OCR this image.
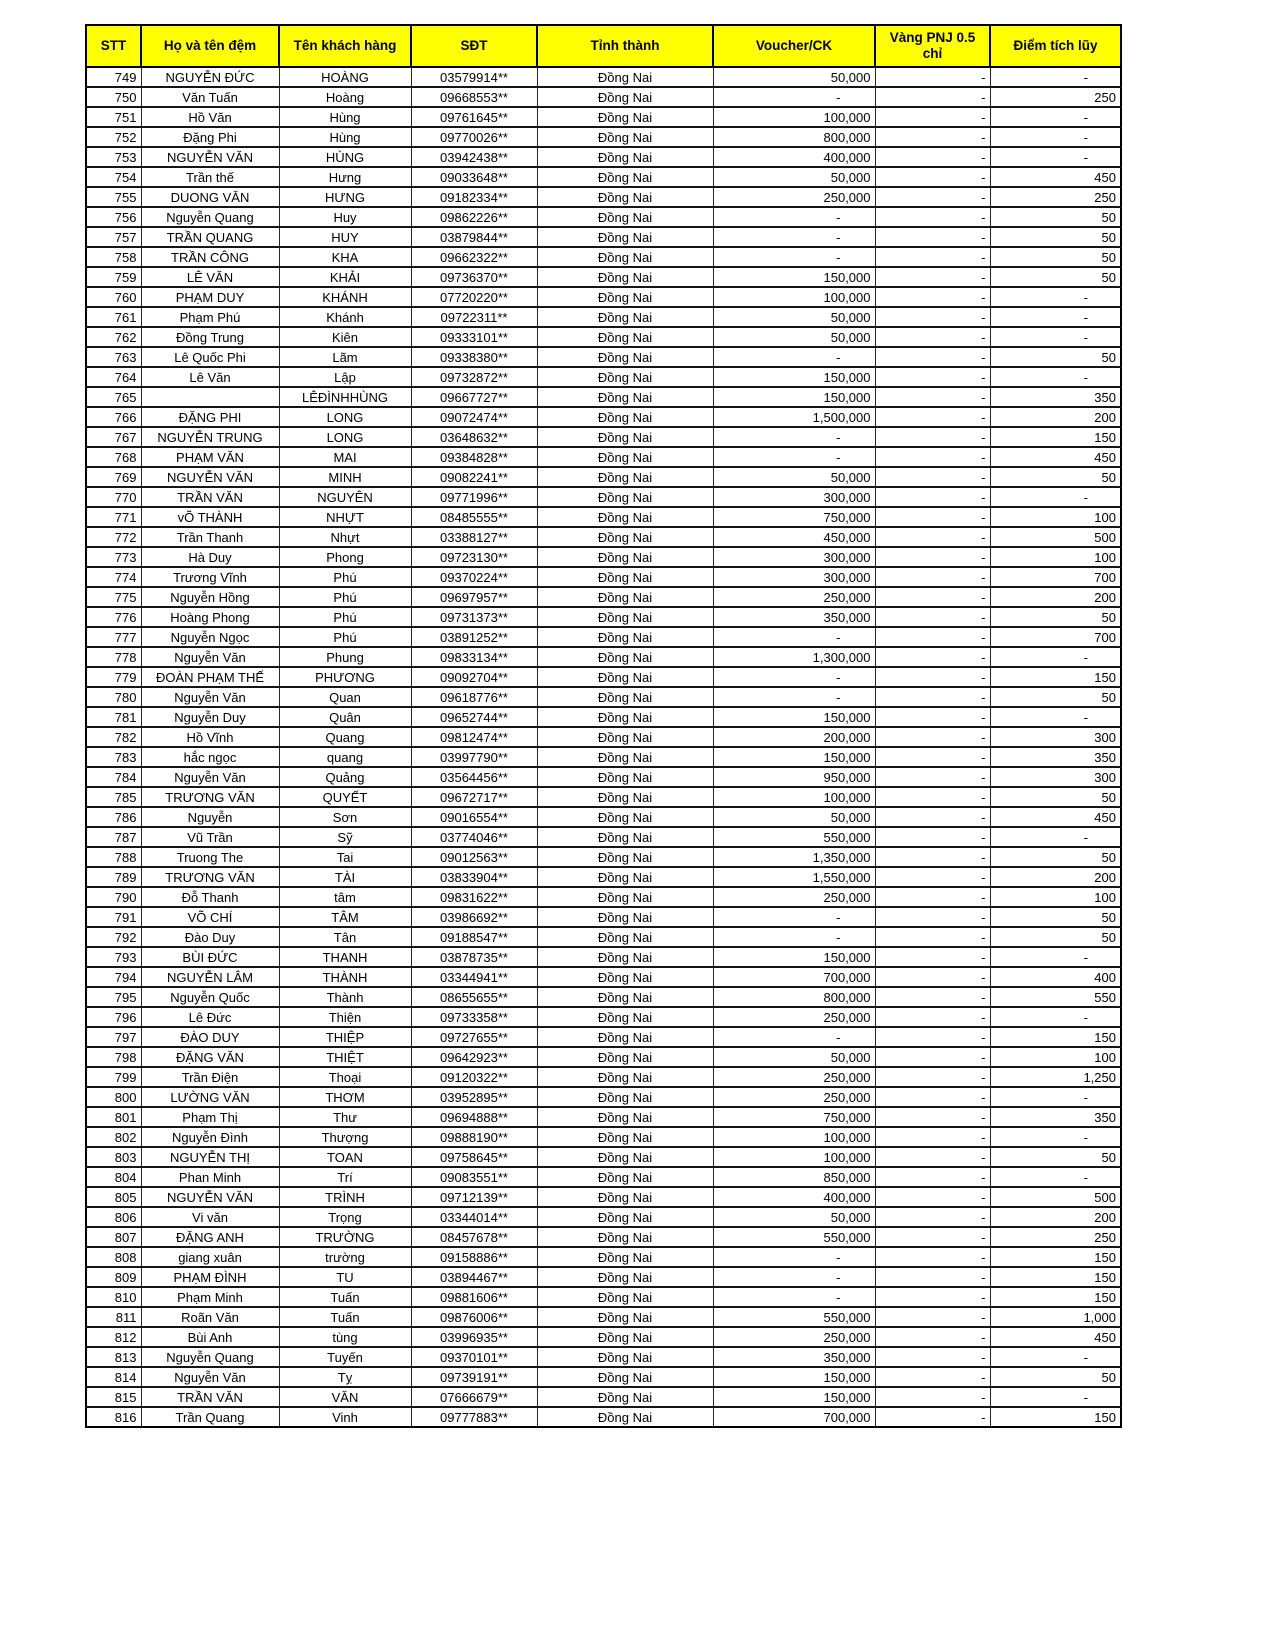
STT	Họ và tên đệm	Tên khách hàng	SĐT	Tỉnh thành	Voucher/CK	Vàng PNJ 0.5 chỉ	Điểm tích lũy
749	NGUYỄN ĐỨC	HOÀNG	03579914**	Đồng Nai	50,000	-	-
750	Văn Tuấn	Hoàng	09668553**	Đồng Nai	-	-	250
751	Hồ Văn	Hùng	09761645**	Đồng Nai	100,000	-	-
752	Đặng Phi	Hùng	09770026**	Đồng Nai	800,000	-	-
753	NGUYỄN VĂN	HÙNG	03942438**	Đồng Nai	400,000	-	-
754	Trần thế	Hưng	09033648**	Đồng Nai	50,000	-	450
755	DUONG VĂN	HƯNG	09182334**	Đồng Nai	250,000	-	250
756	Nguyễn Quang	Huy	09862226**	Đồng Nai	-	-	50
757	TRẦN QUANG	HUY	03879844**	Đồng Nai	-	-	50
758	TRẦN CÔNG	KHA	09662322**	Đồng Nai	-	-	50
759	LÊ VĂN	KHẢI	09736370**	Đồng Nai	150,000	-	50
760	PHẠM DUY	KHÁNH	07720220**	Đồng Nai	100,000	-	-
761	Phạm Phú	Khánh	09722311**	Đồng Nai	50,000	-	-
762	Đồng Trung	Kiên	09333101**	Đồng Nai	50,000	-	-
763	Lê Quốc Phi	Lãm	09338380**	Đồng Nai	-	-	50
764	Lê Văn	Lập	09732872**	Đồng Nai	150,000	-	-
765		LÊĐÌNHHÙNG	09667727**	Đồng Nai	150,000	-	350
766	ĐẶNG PHI	LONG	09072474**	Đồng Nai	1,500,000	-	200
767	NGUYỄN TRUNG	LONG	03648632**	Đồng Nai	-	-	150
768	PHẠM VĂN	MAI	09384828**	Đồng Nai	-	-	450
769	NGUYỄN VĂN	MINH	09082241**	Đồng Nai	50,000	-	50
770	TRẦN VĂN	NGUYÊN	09771996**	Đồng Nai	300,000	-	-
771	vÕ THÀNH	NHỰT	08485555**	Đồng Nai	750,000	-	100
772	Trần Thanh	Nhựt	03388127**	Đồng Nai	450,000	-	500
773	Hà Duy	Phong	09723130**	Đồng Nai	300,000	-	100
774	Trương Vĩnh	Phú	09370224**	Đồng Nai	300,000	-	700
775	Nguyễn Hồng	Phú	09697957**	Đồng Nai	250,000	-	200
776	Hoàng Phong	Phú	09731373**	Đồng Nai	350,000	-	50
777	Nguyễn Ngọc	Phú	03891252**	Đồng Nai	-	-	700
778	Nguyễn Văn	Phung	09833134**	Đồng Nai	1,300,000	-	-
779	ĐOÀN PHẠM THẾ	PHƯƠNG	09092704**	Đồng Nai	-	-	150
780	Nguyễn Văn	Quan	09618776**	Đồng Nai	-	-	50
781	Nguyễn Duy	Quân	09652744**	Đồng Nai	150,000	-	-
782	Hồ Vĩnh	Quang	09812474**	Đồng Nai	200,000	-	300
783	hắc ngọc	quang	03997790**	Đồng Nai	150,000	-	350
784	Nguyễn Văn	Quảng	03564456**	Đồng Nai	950,000	-	300
785	TRƯƠNG VĂN	QUYẾT	09672717**	Đồng Nai	100,000	-	50
786	Nguyễn	Sơn	09016554**	Đồng Nai	50,000	-	450
787	Vũ Trần	Sỹ	03774046**	Đồng Nai	550,000	-	-
788	Truong The	Tai	09012563**	Đồng Nai	1,350,000	-	50
789	TRƯƠNG VĂN	TÀI	03833904**	Đồng Nai	1,550,000	-	200
790	Đỗ Thanh	tâm	09831622**	Đồng Nai	250,000	-	100
791	VÕ CHÍ	TÂM	03986692**	Đồng Nai	-	-	50
792	Đào Duy	Tân	09188547**	Đồng Nai	-	-	50
793	BÙI ĐỨC	THANH	03878735**	Đồng Nai	150,000	-	-
794	NGUYỄN LÂM	THÀNH	03344941**	Đồng Nai	700,000	-	400
795	Nguyễn Quốc	Thành	08655655**	Đồng Nai	800,000	-	550
796	Lê Đức	Thiện	09733358**	Đồng Nai	250,000	-	-
797	ĐÀO DUY	THIỆP	09727655**	Đồng Nai	-	-	150
798	ĐẶNG VĂN	THIỆT	09642923**	Đồng Nai	50,000	-	100
799	Trần Điện	Thoại	09120322**	Đồng Nai	250,000	-	1,250
800	LƯỜNG VĂN	THƠM	03952895**	Đồng Nai	250,000	-	-
801	Phạm Thị	Thư	09694888**	Đồng Nai	750,000	-	350
802	Nguyễn Đình	Thượng	09888190**	Đồng Nai	100,000	-	-
803	NGUYỄN THỊ	TOAN	09758645**	Đồng Nai	100,000	-	50
804	Phan Minh	Trí	09083551**	Đồng Nai	850,000	-	-
805	NGUYỄN VĂN	TRÌNH	09712139**	Đồng Nai	400,000	-	500
806	Vi văn	Trọng	03344014**	Đồng Nai	50,000	-	200
807	ĐẶNG ANH	TRƯỜNG	08457678**	Đồng Nai	550,000	-	250
808	giang xuân	trường	09158886**	Đồng Nai	-	-	150
809	PHẠM ĐÌNH	TU	03894467**	Đồng Nai	-	-	150
810	Phạm Minh	Tuấn	09881606**	Đồng Nai	-	-	150
811	Roãn Văn	Tuấn	09876006**	Đồng Nai	550,000	-	1,000
812	Bùi Anh	tùng	03996935**	Đồng Nai	250,000	-	450
813	Nguyễn Quang	Tuyến	09370101**	Đồng Nai	350,000	-	-
814	Nguyễn Văn	Tỵ	09739191**	Đồng Nai	150,000	-	50
815	TRẦN VĂN	VĂN	07666679**	Đồng Nai	150,000	-	-
816	Trần Quang	Vinh	09777883**	Đồng Nai	700,000	-	150
